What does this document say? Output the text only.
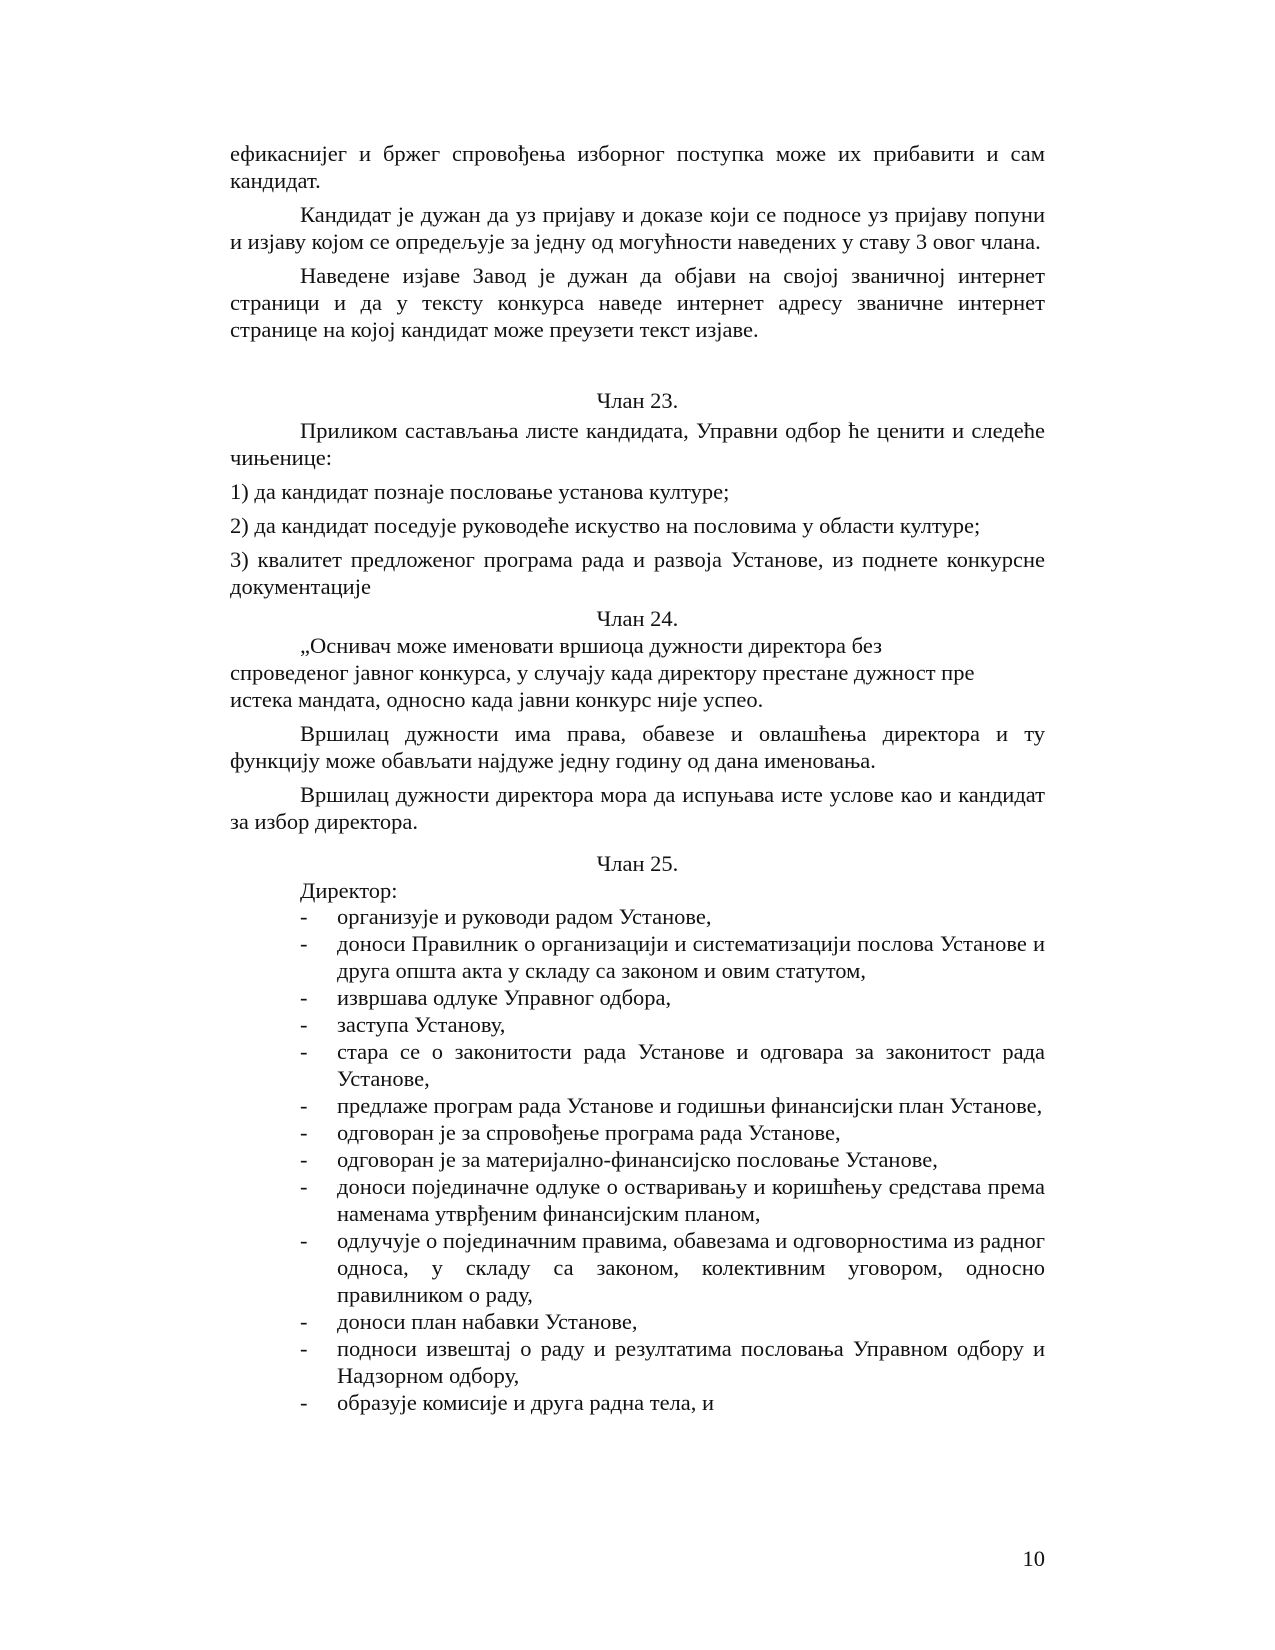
ефикаснијег и бржег спровођења изборног поступка може их прибавити и сам кандидат.

Кандидат је дужан да уз пријаву и доказе који се подносе уз пријаву попуни и изјаву којом се опредељује за једну од могућности наведених у ставу 3 овог члана.

Наведене изјаве Завод је дужан да објави на својој званичној интернет страници и да у тексту конкурса наведе интернет адресу званичне интернет странице на којој кандидат може преузети текст изјаве.

Члан 23.

Приликом састављања листе кандидата, Управни одбор ће ценити и следеће чињенице:

1) да кандидат познаје пословање установа културе;

2) да кандидат поседује руководеће искуство на пословима у области културе;

3) квалитет предложеног програма рада и развоја Установе, из поднете конкурсне документације

Члан 24.

„Оснивач може именовати вршиоца дужности директора без

спроведеног јавног конкурса, у случају када директору престане дужност пре

истека мандата, односно када јавни конкурс није успео.

Вршилац дужности има права, обавезе и овлашћења директора и ту функцију може обављати најдуже једну годину од дана именовања.

Вршилац дужности директора мора да испуњава исте услове као и кандидат за избор директора.

Члан 25.

Директор:

- организује и руководи радом Установе,
- доноси Правилник о организацији и систематизацији послова Установе и друга општа акта у складу са законом и овим статутом,
- извршава одлуке Управног одбора,
- заступа Установу,
- стара се о законитости рада Установе и одговара за законитост рада Установе,
- предлаже програм рада Установе и годишњи финансијски план Установе,
- одговоран је за спровођење програма рада Установе,
- одговоран је за материјално-финансијско пословање Установе,
- доноси појединачне одлуке о остваривању и коришћењу средстава према наменама утврђеним финансијским планом,
- одлучује о појединачним правима, обавезама и одговорностима из радног односа, у складу са законом, колективним уговором, односно правилником о раду,
- доноси план набавки Установе,
- подноси извештај о раду и резултатима пословања Управном одбору и Надзорном одбору,
- образује комисије и друга радна тела, и

10
